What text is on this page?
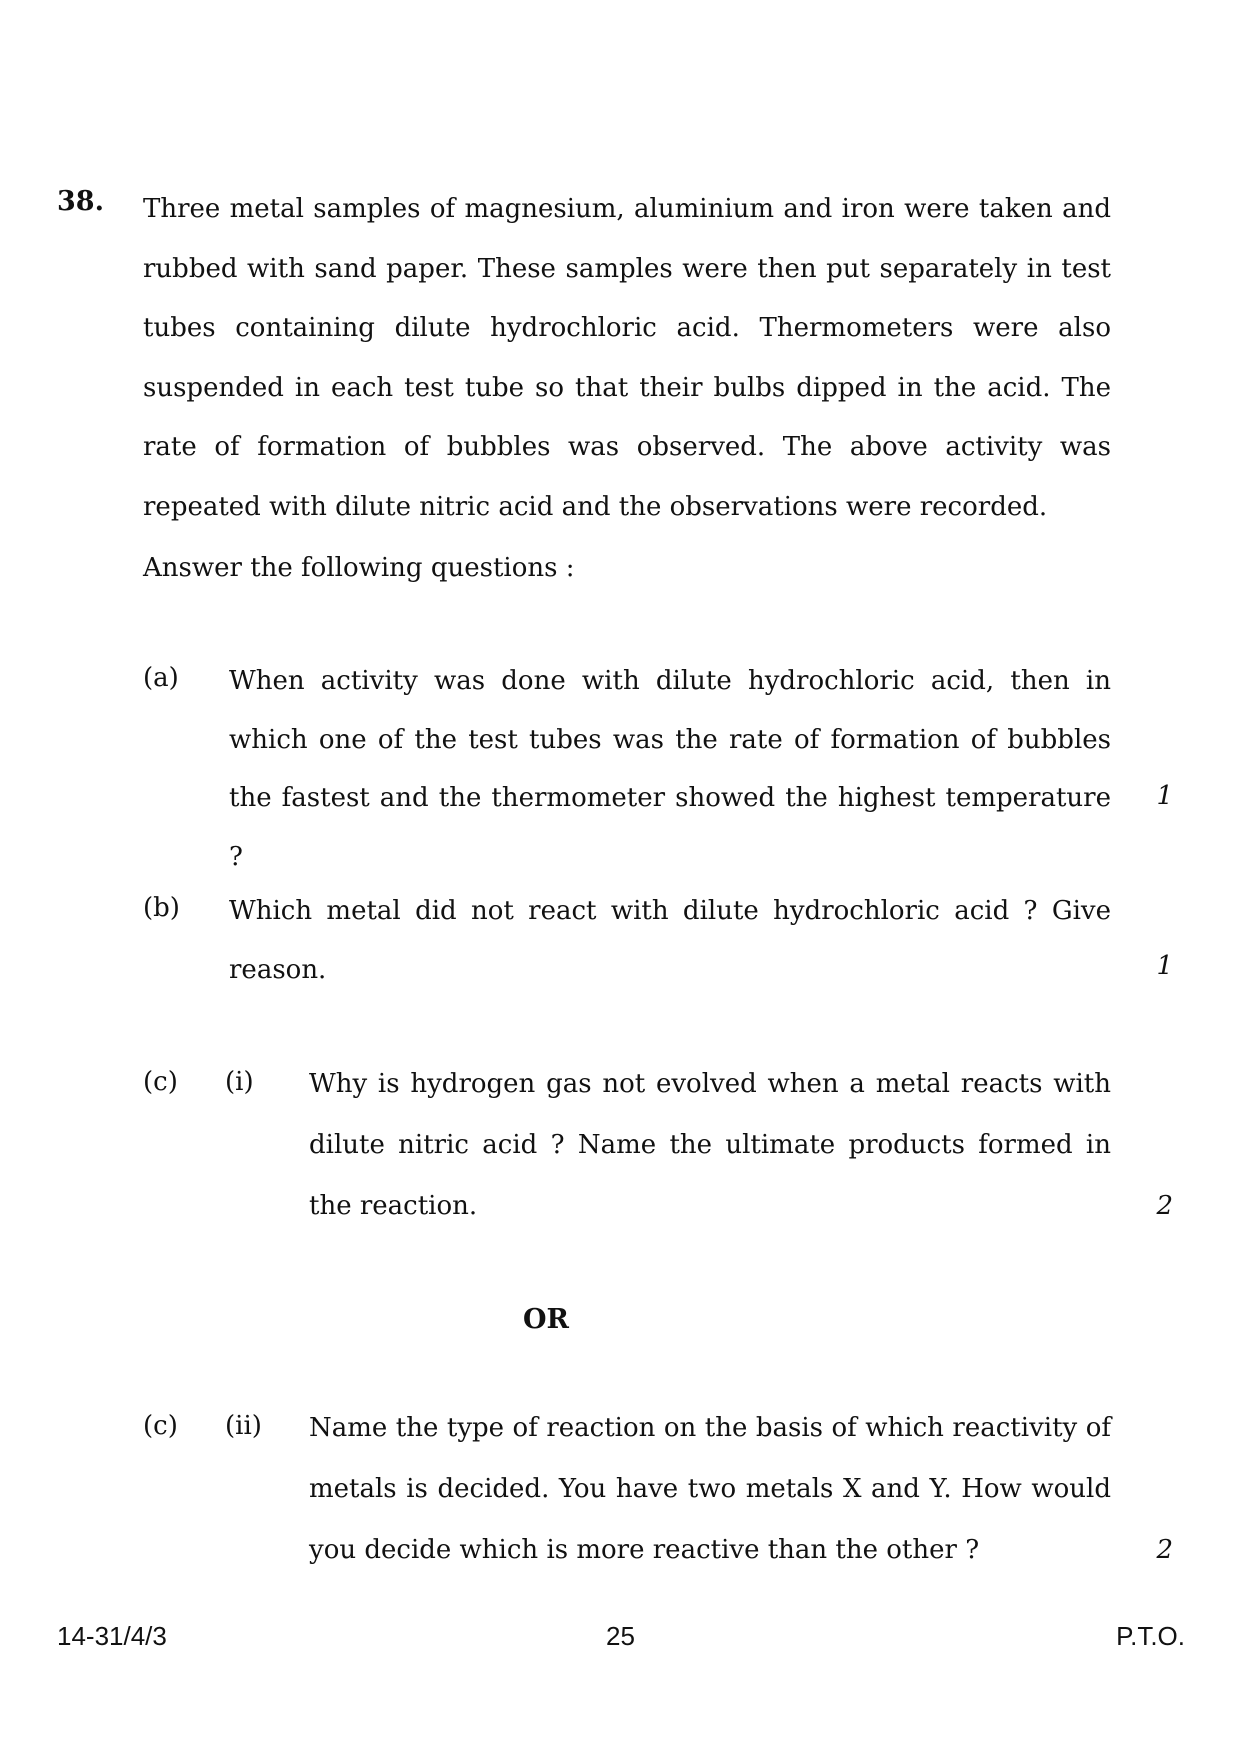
38. Three metal samples of magnesium, aluminium and iron were taken and rubbed with sand paper. These samples were then put separately in test tubes containing dilute hydrochloric acid. Thermometers were also suspended in each test tube so that their bulbs dipped in the acid. The rate of formation of bubbles was observed. The above activity was repeated with dilute nitric acid and the observations were recorded.

Answer the following questions :

(a) When activity was done with dilute hydrochloric acid, then in which one of the test tubes was the rate of formation of bubbles the fastest and the thermometer showed the highest temperature ?

1
(b) Which metal did not react with dilute hydrochloric acid ? Give reason.	1
(c) (i) Why is hydrogen gas not evolved when a metal reacts with dilute nitric acid ? Name the ultimate products formed in the reaction.	2
OR
(c) (ii) Name the type of reaction on the basis of which reactivity of metals is decided. You have two metals X and Y. How would you decide which is more reactive than the other ?	2
14-31/4/3	25	P.T.O.
